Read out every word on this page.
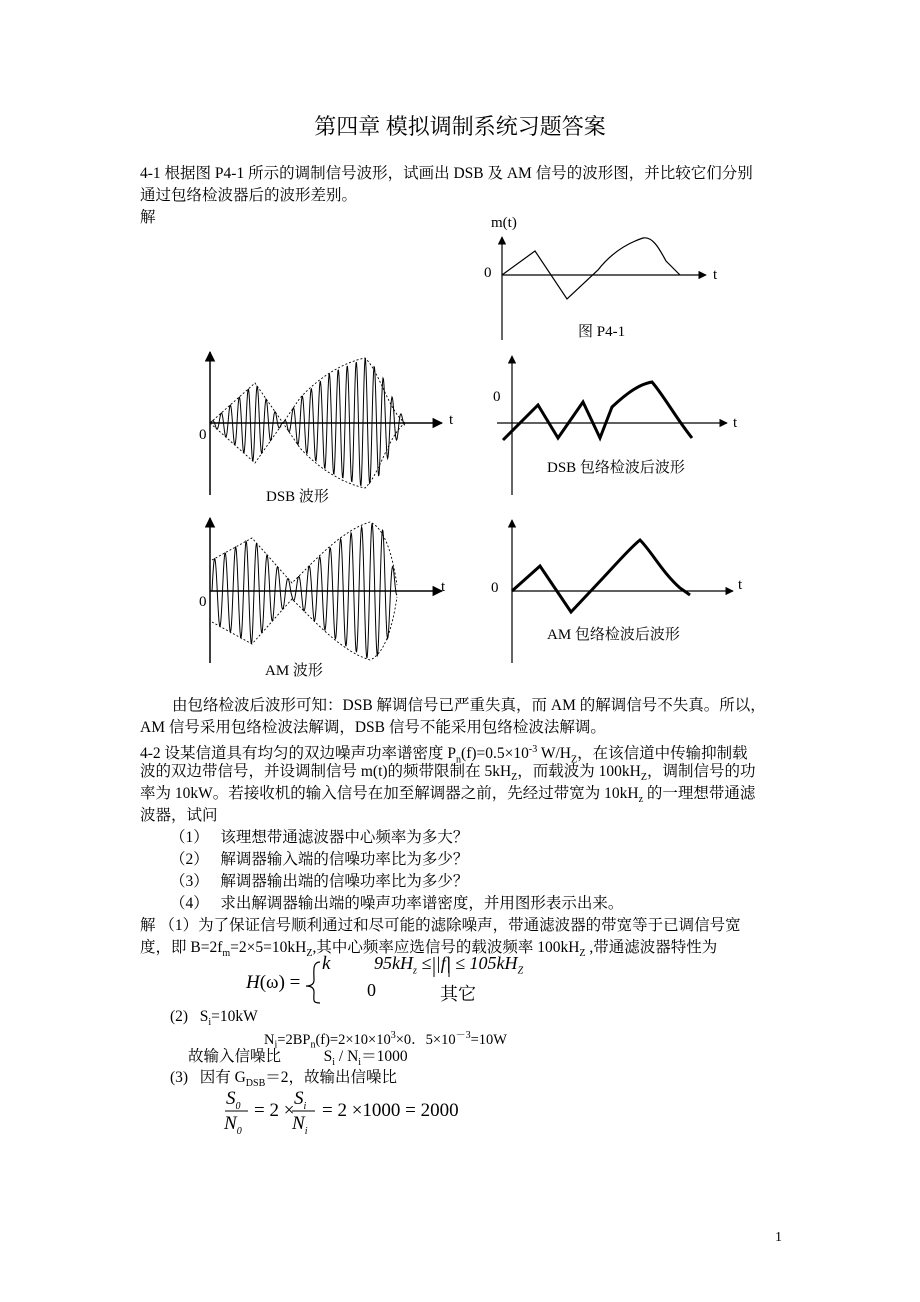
第四章 模拟调制系统习题答案
4-1 根据图 P4-1 所示的调制信号波形，试画出 DSB 及 AM 信号的波形图，并比较它们分别
通过包络检波器后的波形差别。
解	m(t)
0	t
图 P4-1
0
t
DSB 波形
0
t
DSB 包络检波后波形
0
t
AM 波形
0	t
AM 包络检波后波形
由包络检波后波形可知：DSB 解调信号已严重失真，而 AM 的解调信号不失真。所以，
AM 信号采用包络检波法解调，DSB 信号不能采用包络检波法解调。
4-2 设某信道具有均匀的双边噪声功率谱密度 $P_n(f)=0.5\times 10^{-3}$ $W/H_Z$，在该信道中传输抑制载
波的双边带信号，并设调制信号 m(t)的频带限制在 $5kH_Z$，而载波为 $100kH_Z$，调制信号的功
率为 10kW。若接收机的输入信号在加至解调器之前，先经过带宽为 $10kH_z$ 的一理想带通滤
波器，试问
（1） 该理想带通滤波器中心频率为多大？
（2） 解调器输入端的信噪功率比为多少？
（3） 解调器输出端的信噪功率比为多少？
（4） 求出解调器输出端的噪声功率谱密度，并用图形表示出来。
解 （1）为了保证信号顺利通过和尽可能的滤除噪声，带通滤波器的带宽等于已调信号宽
度，即 $B=2f_m=2\times 5=10kH_Z$,其中心频率应选信号的载波频率 $100kH_Z$ ,带通滤波器特性为
H(ω) =
k $95kH_z \le |f| \le 105kH_Z$
0	其它
(2) $S_i=10kW$
$N_i=2BP_n(f)=2\times 10\times 10^3\times 0$．$5\times 10^{-3}=10W$
故输入信噪比	$S_i / N_i=1000$
(3) 因有 $G_{DSB}=2$，故输出信噪比
$S_0$
$N_0$
= 2 ×
$S_i$
$N_i$
= 2 ×1000 = 2000
1
